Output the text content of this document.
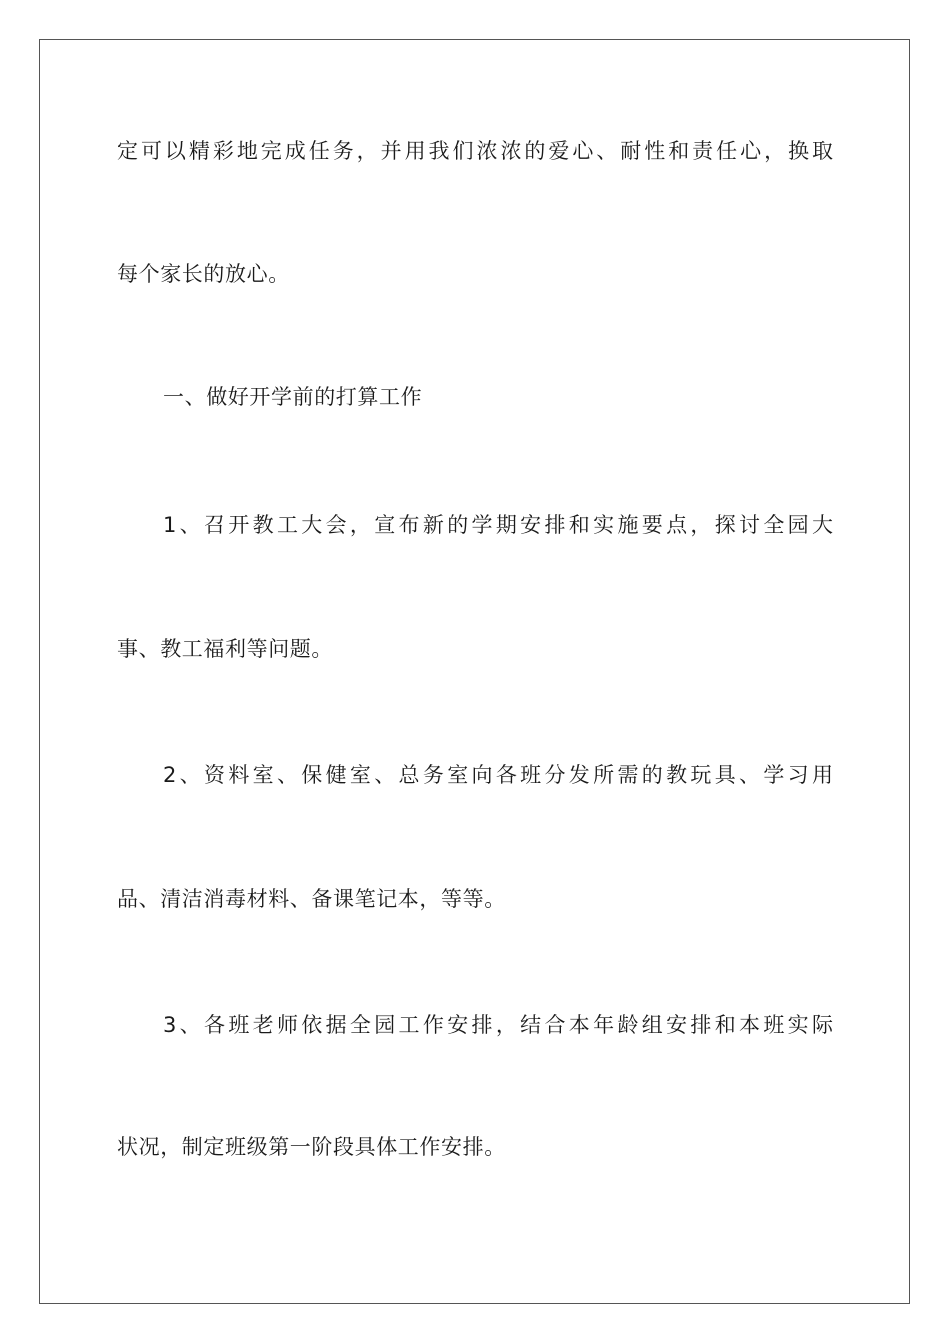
定可以精彩地完成任务，并用我们浓浓的爱心、耐性和责任心，换取
每个家长的放心。
一、做好开学前的打算工作
1、召开教工大会，宣布新的学期安排和实施要点，探讨全园大
事、教工福利等问题。
2、资料室、保健室、总务室向各班分发所需的教玩具、学习用
品、清洁消毒材料、备课笔记本，等等。
3、各班老师依据全园工作安排，结合本年龄组安排和本班实际
状况，制定班级第一阶段具体工作安排。
